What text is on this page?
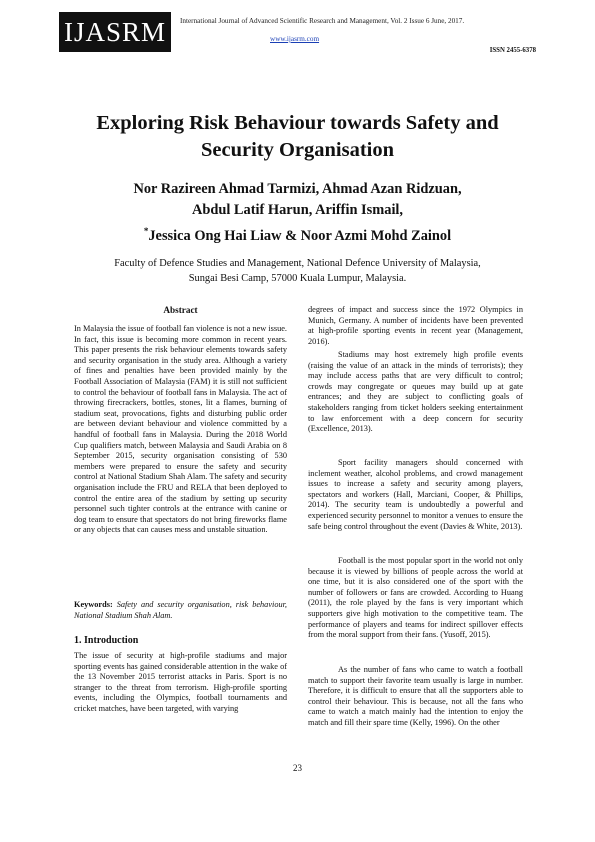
IJASRM	International Journal of Advanced Scientific Research and Management, Vol. 2 Issue 6 June, 2017.
www.ijasrm.com
ISSN 2455-6378
Exploring Risk Behaviour towards Safety and Security Organisation
Nor Razireen Ahmad Tarmizi, Ahmad Azan Ridzuan,
Abdul Latif Harun, Ariffin Ismail,
*Jessica Ong Hai Liaw & Noor Azmi Mohd Zainol
Faculty of Defence Studies and Management, National Defence University of Malaysia,
Sungai Besi Camp, 57000 Kuala Lumpur, Malaysia.
Abstract

In Malaysia the issue of football fan violence is not a new issue. In fact, this issue is becoming more common in recent years. This paper presents the risk behaviour elements towards safety and security organisation in the study area. Although a variety of fines and penalties have been provided mainly by the Football Association of Malaysia (FAM) it is still not sufficient to control the behaviour of football fans in Malaysia. The act of throwing firecrackers, bottles, stones, lit a flames, burning of stadium seat, provocations, fights and disturbing public order are between deviant behaviour and violence committed by a handful of football fans in Malaysia. During the 2018 World Cup qualifiers match, between Malaysia and Saudi Arabia on 8 September 2015, security organisation consisting of 530 members were prepared to ensure the safety and security control at National Stadium Shah Alam. The safety and security organisation include the FRU and RELA that been deployed to control the entire area of the stadium by setting up security personnel such tighter controls at the entrance with canine or dog team to ensure that spectators do not bring fireworks flame or any objects that can causes mess and unstable situation.

The issue of security at high-profile stadiums and major sporting events has gained considerable attention in the wake of the 13 November 2015 terrorist attacks in Paris. Sport is no stranger to the threat from terrorism. High-profile sporting events, including the Olympics, football tournaments and cricket matches, have been targeted, with varying

Keywords: Safety and security organisation, risk behaviour, National Stadium Shah Alam.
1. Introduction

degrees of impact and success since the 1972 Olympics in Munich, Germany. A number of incidents have been prevented at high-profile sporting events in recent year (Management, 2016).

Stadiums may host extremely high profile events (raising the value of an attack in the minds of terrorists); they may include access paths that are very difficult to control; crowds may congregate or queues may build up at gate entrances; and they are subject to conflicting goals of stakeholders ranging from ticket holders seeking entertainment to law enforcement with a deep concern for security (Excellence, 2013).

Sport facility managers should concerned with inclement weather, alcohol problems, and crowd management issues to increase a safety and security among players, spectators and workers (Hall, Marciani, Cooper, & Phillips, 2014). The security team is undoubtedly a powerful and experienced security personnel to monitor a venues to ensure the safe being control throughout the event (Davies & White, 2013).

Football is the most popular sport in the world not only because it is viewed by billions of people across the world at one time, but it is also considered one of the sport with the number of followers or fans are crowded. According to Huang (2011), the role played by the fans is very important which supporters give high motivation to the competitive team. The performance of players and teams for indirect spillover effects from the moral support from their fans. (Yusoff, 2015).

As the number of fans who came to watch a football match to support their favorite team usually is large in number. Therefore, it is difficult to ensure that all the supporters able to control their behaviour. This is because, not all the fans who came to watch a match mainly had the intention to enjoy the match and fill their spare time (Kelly, 1996). On the other

23
